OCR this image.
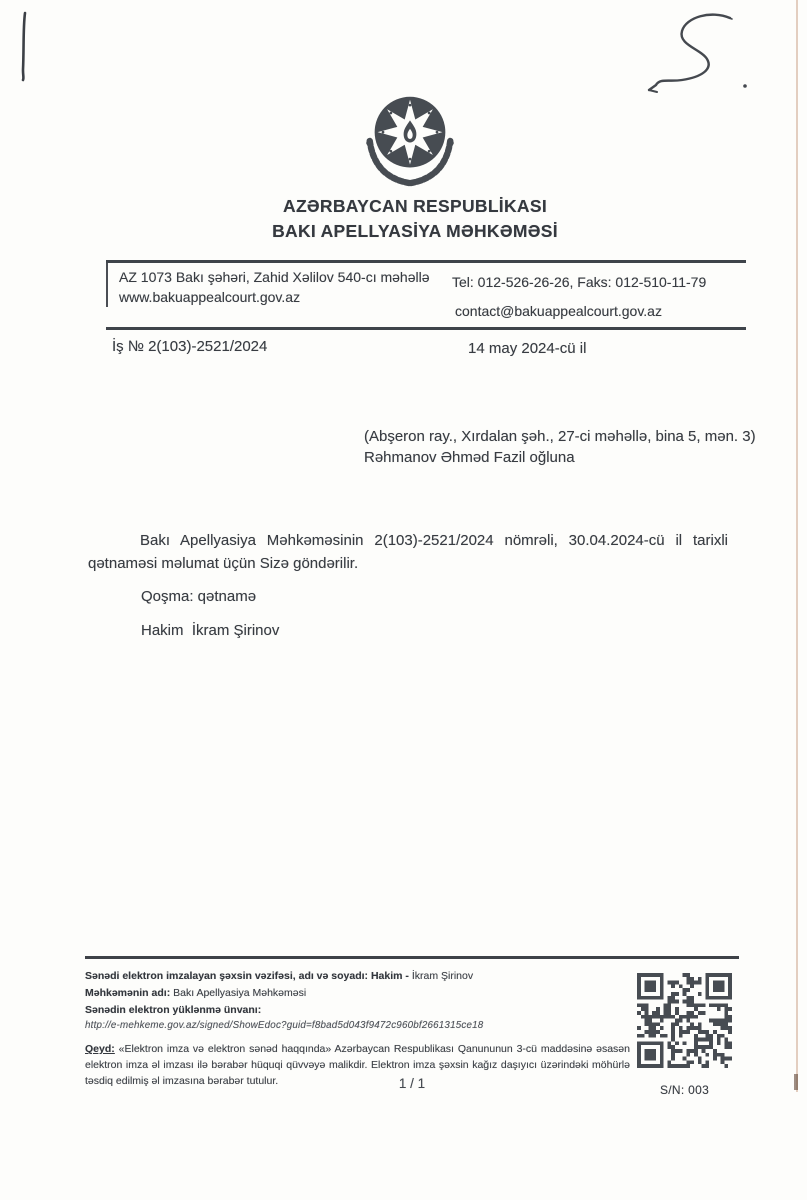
AZƏRBAYCAN RESPUBLİKASI
BAKI APELLYASİYA MƏHKƏMƏSİ
AZ 1073 Bakı şəhəri, Zahid Xəlilov 540-cı məhəllə
www.bakuappealcourt.gov.az
Tel: 012-526-26-26, Faks: 012-510-11-79
contact@bakuappealcourt.gov.az
İş № 2(103)-2521/2024	14 may 2024-cü il
(Abşeron ray., Xırdalan şəh., 27-ci məhəllə, bina 5, mən. 3)
Rəhmanov Əhməd Fazil oğluna
Bakı Apellyasiya Məhkəməsinin 2(103)-2521/2024 nömrəli, 30.04.2024-cü il tarixli qətnaməsi məlumat üçün Sizə göndərilir.
Qoşma: qətnamə
Hakim  İkram Şirinov
Sənədi elektron imzalayan şəxsin vəzifəsi, adı və soyadı: Hakim - İkram Şirinov
Məhkəmənin adı: Bakı Apellyasiya Məhkəməsi
Sənədin elektron yüklənmə ünvanı:
http://e-mehkeme.gov.az/signed/ShowEdoc?guid=f8bad5d043f9472c960bf2661315ce18
Qeyd: «Elektron imza və elektron sənəd haqqında» Azərbaycan Respublikası Qanununun 3-cü maddəsinə əsasən elektron imza əl imzası ilə bərabər hüquqi qüvvəyə malikdir. Elektron imza şəxsin kağız daşıyıcı üzərindəki möhürlə təsdiq edilmiş əl imzasına bərabər tutulur.
S/N: 003
1 / 1
